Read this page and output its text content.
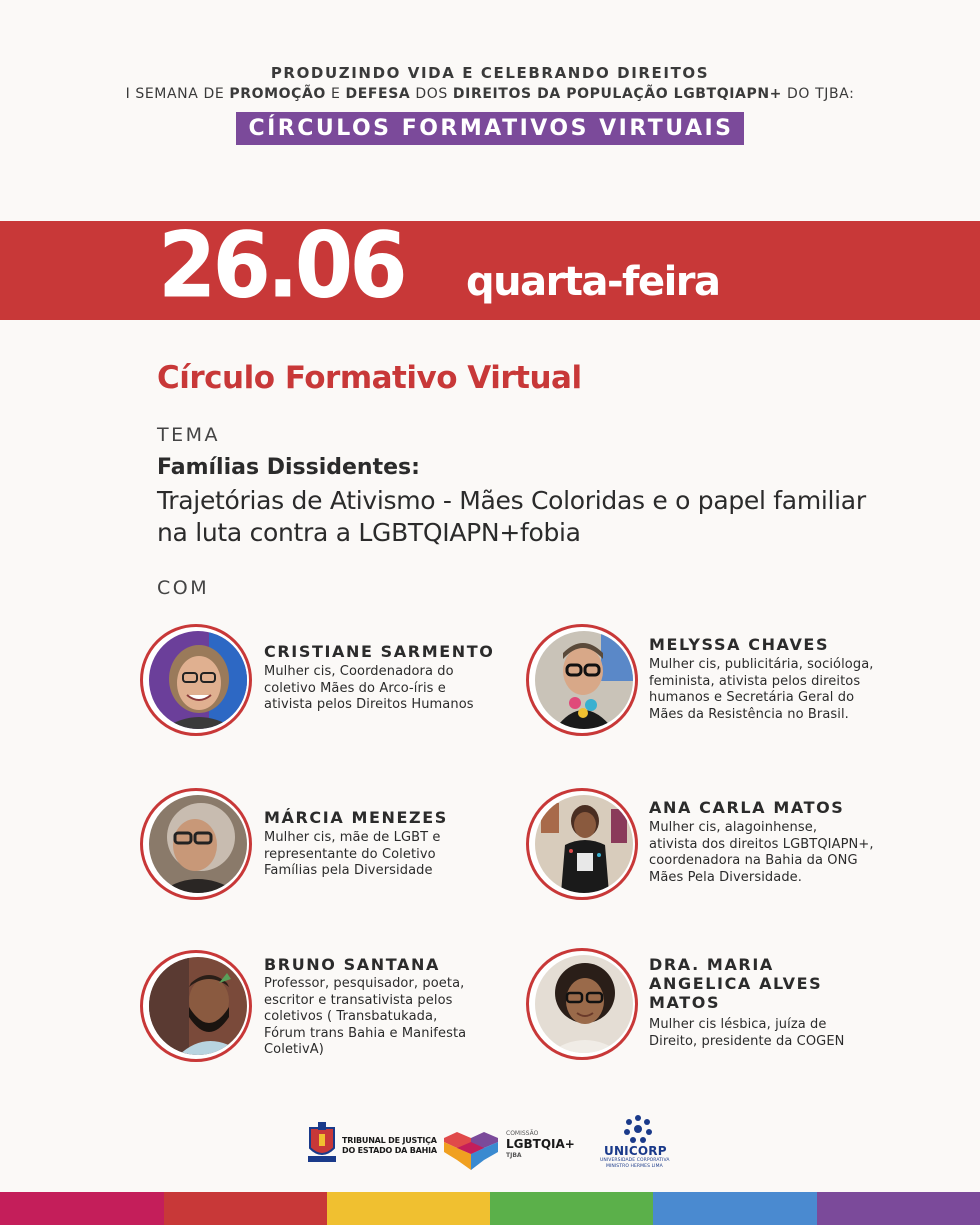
PRODUZINDO VIDA E CELEBRANDO DIREITOS
I SEMANA DE PROMOÇÃO E DEFESA DOS DIREITOS DA POPULAÇÃO LGBTQIAPN+ DO TJBA:
CÍRCULOS FORMATIVOS VIRTUAIS
26.06 quarta-feira
Círculo Formativo Virtual
TEMA
Famílias Dissidentes:
Trajetórias de Ativismo - Mães Coloridas e o papel familiar na luta contra a LGBTQIAPN+fobia
COM
CRISTIANE SARMENTO
Mulher cis, Coordenadora do
coletivo Mães do Arco-íris e
ativista pelos Direitos Humanos
MELYSSA CHAVES
Mulher cis, publicitária, socióloga,
feminista, ativista pelos direitos
humanos e Secretária Geral do
Mães da Resistência no Brasil.
MÁRCIA MENEZES
Mulher cis, mãe de LGBT e
representante do Coletivo
Famílias pela Diversidade
ANA CARLA MATOS
Mulher cis, alagoinhense,
ativista dos direitos LGBTQIAPN+,
coordenadora na Bahia da ONG
Mães Pela Diversidade.
BRUNO SANTANA
Professor, pesquisador, poeta,
escritor e transativista pelos
coletivos ( Transbatukada,
Fórum trans Bahia e Manifesta
ColetivA)
DRA. MARIA
ANGELICA ALVES
MATOS
Mulher cis lésbica, juíza de
Direito, presidente da COGEN
TRIBUNAL DE JUSTIÇA
DO ESTADO DA BAHIA
COMISSÃO
LGBTQIA+
TJBA	UNICORP
UNIVERSIDADE CORPORATIVA
MINISTRO HERMES LIMA
